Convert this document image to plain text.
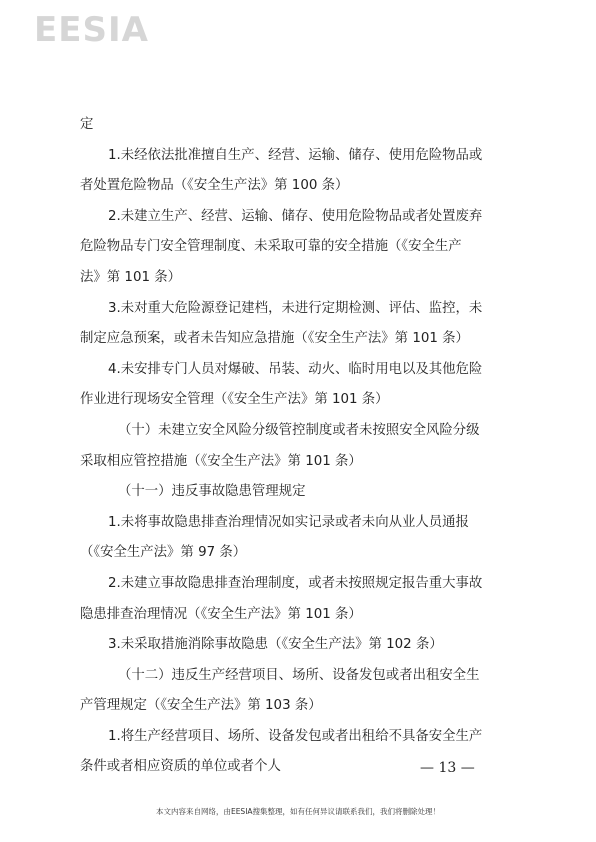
EESIA
定
1.未经依法批准擅自生产、经营、运输、储存、使用危险物品或
者处置危险物品（《安全生产法》第 100 条）
2.未建立生产、经营、运输、储存、使用危险物品或者处置废弃
危险物品专门安全管理制度、未采取可靠的安全措施（《安全生产
法》第 101 条）
3.未对重大危险源登记建档，未进行定期检测、评估、监控，未
制定应急预案，或者未告知应急措施（《安全生产法》第 101 条）
4.未安排专门人员对爆破、吊装、动火、临时用电以及其他危险
作业进行现场安全管理（《安全生产法》第 101 条）
（十）未建立安全风险分级管控制度或者未按照安全风险分级
采取相应管控措施（《安全生产法》第 101 条）
（十一）违反事故隐患管理规定
1.未将事故隐患排查治理情况如实记录或者未向从业人员通报
（《安全生产法》第 97 条）
2.未建立事故隐患排查治理制度，或者未按照规定报告重大事故
隐患排查治理情况（《安全生产法》第 101 条）
3.未采取措施消除事故隐患（《安全生产法》第 102 条）
（十二）违反生产经营项目、场所、设备发包或者出租安全生
产管理规定（《安全生产法》第 103 条）
1.将生产经营项目、场所、设备发包或者出租给不具备安全生产
条件或者相应资质的单位或者个人	— 13 —
本文内容来自网络，由EESIA搜集整理，如有任何异议请联系我们，我们将删除处理！
